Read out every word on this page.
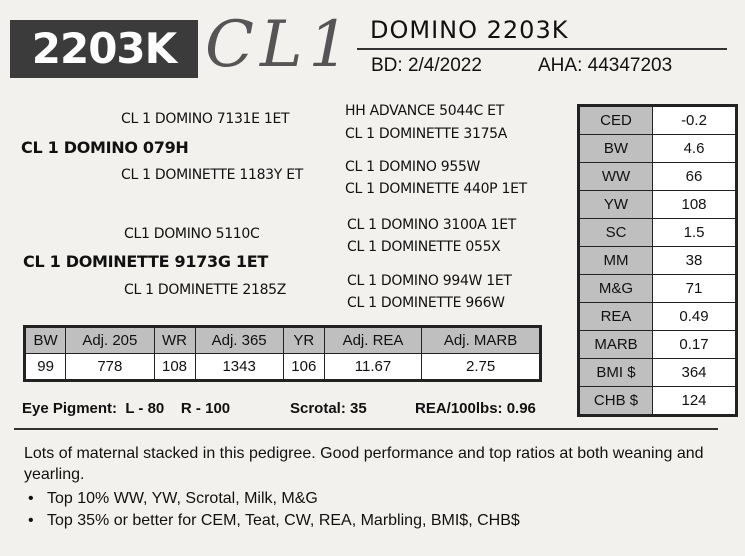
2203K CL1 DOMINO 2203K
BD: 2/4/2022	AHA: 44347203
CL 1 DOMINO 079H
CL 1 DOMINO 7131E 1ET
CL 1 DOMINETTE 1183Y ET
HH ADVANCE 5044C ET
CL 1 DOMINETTE 3175A
CL 1 DOMINO 955W
CL 1 DOMINETTE 440P 1ET
CL 1 DOMINETTE 9173G 1ET
CL1 DOMINO 5110C
CL 1 DOMINETTE 2185Z
CL 1 DOMINO 3100A 1ET
CL 1 DOMINETTE 055X
CL 1 DOMINO 994W 1ET
CL 1 DOMINETTE 966W
CED	-0.2
BW	4.6
WW	66
YW	108
SC	1.5
MM	38
M&G	71
REA	0.49
MARB	0.17
BMI $	364
CHB $	124
BW	Adj. 205	WR	Adj. 365	YR	Adj. REA	Adj. MARB
99	778	108	1343	106	11.67	2.75
Eye Pigment:  L - 80    R - 100	Scrotal: 35	REA/100lbs: 0.96
Lots of maternal stacked in this pedigree. Good performance and top ratios at both weaning and yearling.
• Top 10% WW, YW, Scrotal, Milk, M&G
• Top 35% or better for CEM, Teat, CW, REA, Marbling, BMI$, CHB$
